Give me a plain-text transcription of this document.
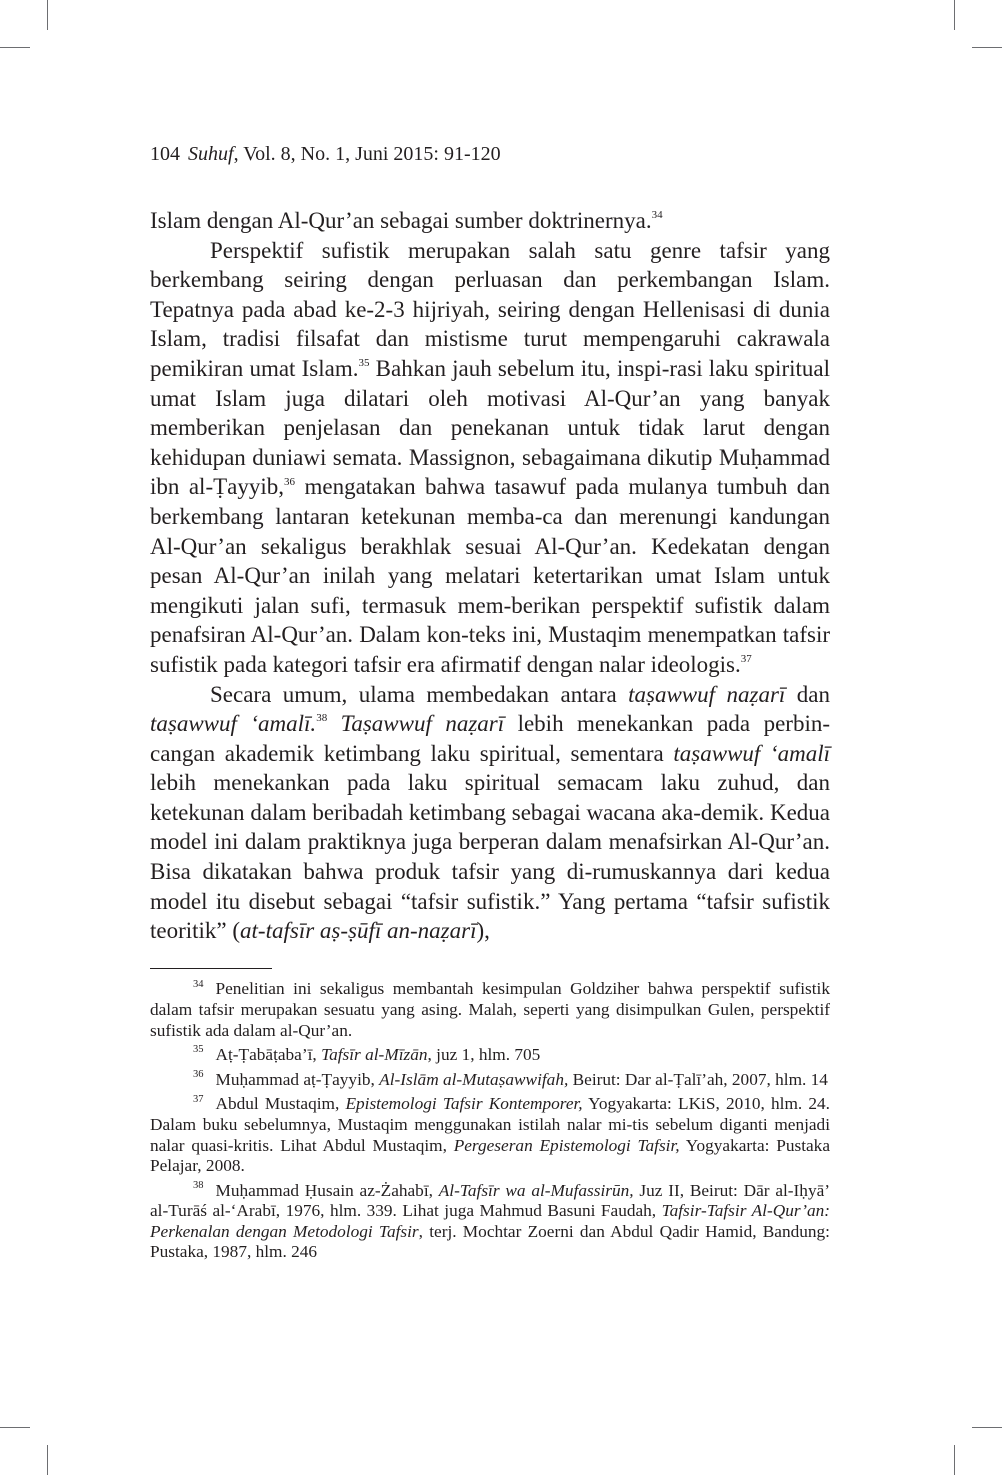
104 Suhuf, Vol. 8, No. 1, Juni 2015: 91-120

Islam dengan Al-Qur’an sebagai sumber doktrinernya.$^{34}$

Perspektif sufistik merupakan salah satu genre tafsir yang berkembang seiring dengan perluasan dan perkembangan Islam. Tepatnya pada abad ke-2-3 hijriyah, seiring dengan Hellenisasi di dunia Islam, tradisi filsafat dan mistisme turut mempengaruhi cakrawala pemikiran umat Islam.$^{35}$ Bahkan jauh sebelum itu, inspi-rasi laku spiritual umat Islam juga dilatari oleh motivasi Al-Qur’an yang banyak memberikan penjelasan dan penekanan untuk tidak larut dengan kehidupan duniawi semata. Massignon, sebagaimana dikutip Muḥammad ibn al-Ṭayyib,$^{36}$ mengatakan bahwa tasawuf pada mulanya tumbuh dan berkembang lantaran ketekunan memba-ca dan merenungi kandungan Al-Qur’an sekaligus berakhlak sesuai Al-Qur’an. Kedekatan dengan pesan Al-Qur’an inilah yang melatari ketertarikan umat Islam untuk mengikuti jalan sufi, termasuk mem-berikan perspektif sufistik dalam penafsiran Al-Qur’an. Dalam kon-teks ini, Mustaqim menempatkan tafsir sufistik pada kategori tafsir era afirmatif dengan nalar ideologis.$^{37}$

Secara umum, ulama membedakan antara taṣawwuf naẓarī dan taṣawwuf ‘amalī.$^{38}$ Taṣawwuf naẓarī lebih menekankan pada perbin-cangan akademik ketimbang laku spiritual, sementara taṣawwuf ‘amalī lebih menekankan pada laku spiritual semacam laku zuhud, dan ketekunan dalam beribadah ketimbang sebagai wacana aka-demik. Kedua model ini dalam praktiknya juga berperan dalam menafsirkan Al-Qur’an. Bisa dikatakan bahwa produk tafsir yang di-rumuskannya dari kedua model itu disebut sebagai “tafsir sufistik.” Yang pertama “tafsir sufistik teoritik” (at-tafsīr aṣ-ṣūfī an-naẓarī),

$^{34}$ Penelitian ini sekaligus membantah kesimpulan Goldziher bahwa perspektif sufistik dalam tafsir merupakan sesuatu yang asing. Malah, seperti yang disimpulkan Gulen, perspektif sufistik ada dalam al-Qur’an.

$^{35}$ Aṭ-Ṭabāṭaba’ī, Tafsīr al-Mīzān, juz 1, hlm. 705

$^{36}$ Muḥammad aṭ-Ṭayyib, Al-Islām al-Mutaṣawwifah, Beirut: Dar al-Ṭalī’ah, 2007, hlm. 14

$^{37}$ Abdul Mustaqim, Epistemologi Tafsir Kontemporer, Yogyakarta: LKiS, 2010, hlm. 24. Dalam buku sebelumnya, Mustaqim menggunakan istilah nalar mi-tis sebelum diganti menjadi nalar quasi-kritis. Lihat Abdul Mustaqim, Pergeseran Epistemologi Tafsir, Yogyakarta: Pustaka Pelajar, 2008.

$^{38}$ Muḥammad Ḥusain az-Żahabī, Al-Tafsīr wa al-Mufassirūn, Juz II, Beirut: Dār al-Iḥyā’ al-Turāś al-‘Arabī, 1976, hlm. 339. Lihat juga Mahmud Basuni Faudah, Tafsir-Tafsir Al-Qur’an: Perkenalan dengan Metodologi Tafsir, terj. Mochtar Zoerni dan Abdul Qadir Hamid, Bandung: Pustaka, 1987, hlm. 246
